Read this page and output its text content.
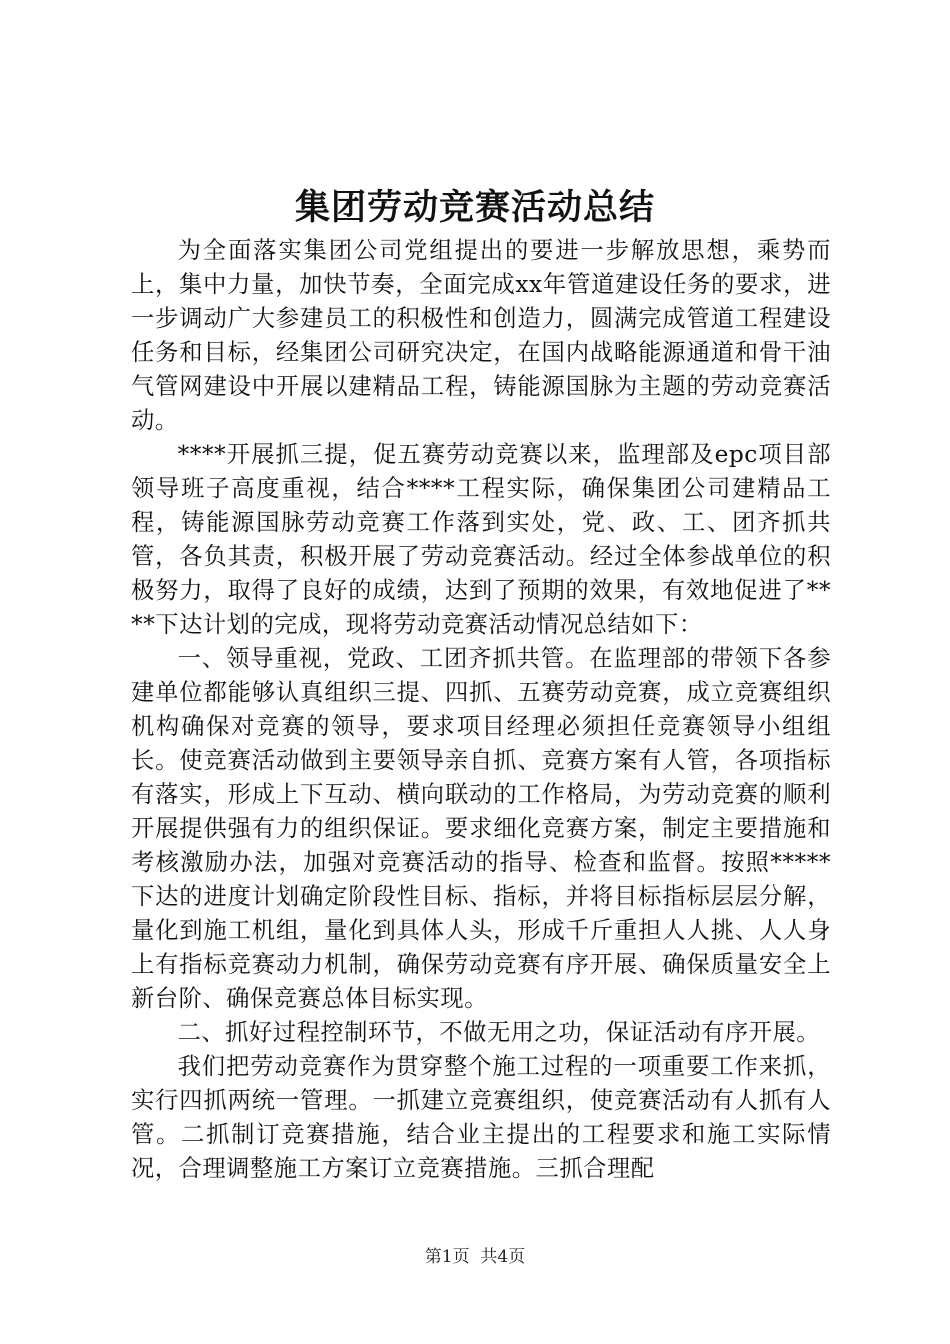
集团劳动竞赛活动总结

为全面落实集团公司党组提出的要进一步解放思想，乘势而上，集中力量，加快节奏，全面完成xx年管道建设任务的要求，进一步调动广大参建员工的积极性和创造力，圆满完成管道工程建设任务和目标，经集团公司研究决定，在国内战略能源通道和骨干油气管网建设中开展以建精品工程，铸能源国脉为主题的劳动竞赛活动。

****开展抓三提，促五赛劳动竞赛以来，监理部及epc项目部领导班子高度重视，结合****工程实际，确保集团公司建精品工程，铸能源国脉劳动竞赛工作落到实处，党、政、工、团齐抓共管，各负其责，积极开展了劳动竞赛活动。经过全体参战单位的积极努力，取得了良好的成绩，达到了预期的效果，有效地促进了****下达计划的完成，现将劳动竞赛活动情况总结如下：

一、领导重视，党政、工团齐抓共管。在监理部的带领下各参建单位都能够认真组织三提、四抓、五赛劳动竞赛，成立竞赛组织机构确保对竞赛的领导，要求项目经理必须担任竞赛领导小组组长。使竞赛活动做到主要领导亲自抓、竞赛方案有人管，各项指标有落实，形成上下互动、横向联动的工作格局，为劳动竞赛的顺利开展提供强有力的组织保证。要求细化竞赛方案，制定主要措施和考核激励办法，加强对竞赛活动的指导、检查和监督。按照*****下达的进度计划确定阶段性目标、指标，并将目标指标层层分解，量化到施工机组，量化到具体人头，形成千斤重担人人挑、人人身上有指标竞赛动力机制，确保劳动竞赛有序开展、确保质量安全上新台阶、确保竞赛总体目标实现。

二、抓好过程控制环节，不做无用之功，保证活动有序开展。

我们把劳动竞赛作为贯穿整个施工过程的一项重要工作来抓，实行四抓两统一管理。一抓建立竞赛组织，使竞赛活动有人抓有人管。二抓制订竞赛措施，结合业主提出的工程要求和施工实际情况，合理调整施工方案订立竞赛措施。三抓合理配

第1页 共4页
